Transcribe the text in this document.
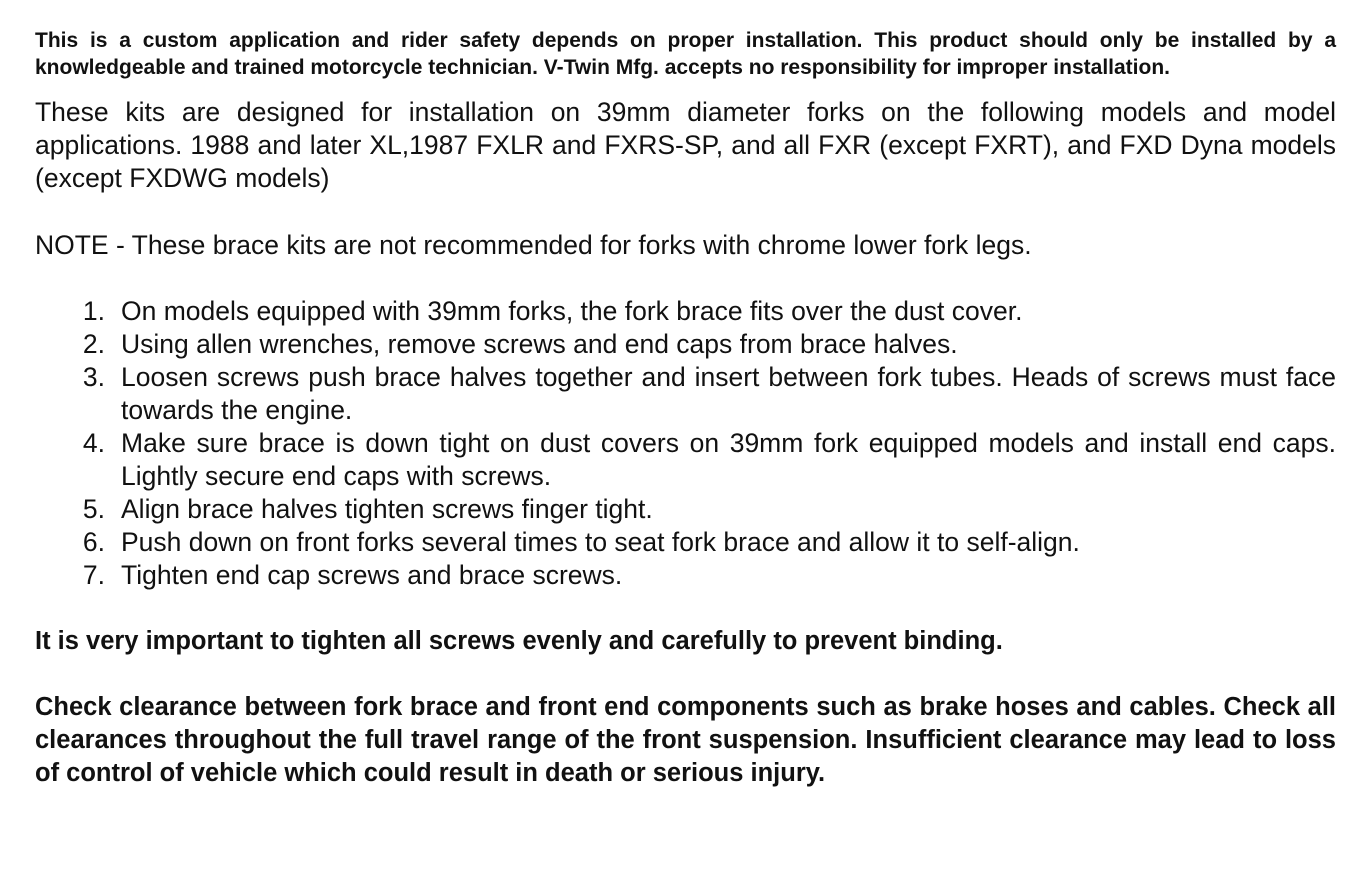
This is a custom application and rider safety depends on proper installation. This product should only be installed by a knowledgeable and trained motorcycle technician. V-Twin Mfg. accepts no responsibility for improper installation.

These kits are designed for installation on 39mm diameter forks on the following models and model applications. 1988 and later XL,1987 FXLR and FXRS-SP, and all FXR (except FXRT), and FXD Dyna models (except FXDWG models)

NOTE - These brace kits are not recommended for forks with chrome lower fork legs.

1. On models equipped with 39mm forks, the fork brace fits over the dust cover.
2. Using allen wrenches, remove screws and end caps from brace halves.
3. Loosen screws push brace halves together and insert between fork tubes. Heads of screws must face towards the engine.
4. Make sure brace is down tight on dust covers on 39mm fork equipped models and install end caps. Lightly secure end caps with screws.
5. Align brace halves tighten screws finger tight.
6. Push down on front forks several times to seat fork brace and allow it to self-align.
7. Tighten end cap screws and brace screws.

It is very important to tighten all screws evenly and carefully to prevent binding.

Check clearance between fork brace and front end components such as brake hoses and cables. Check all clearances throughout the full travel range of the front suspension. Insufficient clearance may lead to loss of control of vehicle which could result in death or serious injury.
